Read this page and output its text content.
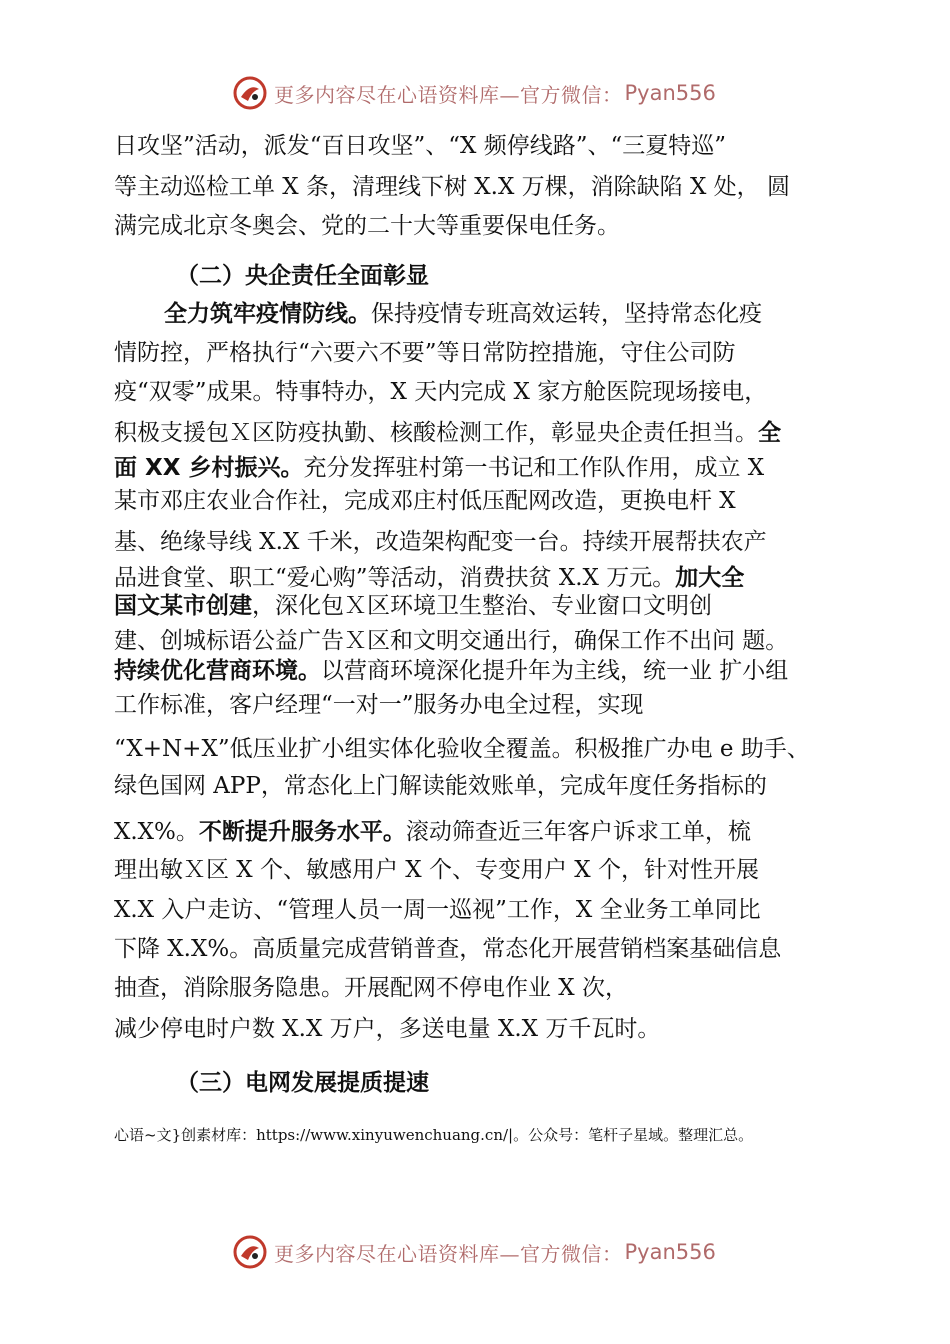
更多内容尽在心语资料库—官方微信： Pyan556
日攻坚”活动，派发“百日攻坚”、“X 频停线路”、“三夏特巡”
等主动巡检工单 X 条，清理线下树 X.X 万棵，消除缺陷 X 处， 圆
满完成北京冬奥会、党的二十大等重要保电任务。
（二）央企责任全面彰显
全力筑牢疫情防线。保持疫情专班高效运转，坚持常态化疫
情防控，严格执行“六要六不要”等日常防控措施，守住公司防
疫“双零”成果。特事特办，X 天内完成 X 家方舱医院现场接电，
积极支援包Ｘ区防疫执勤、核酸检测工作，彰显央企责任担当。全
面 XX 乡村振兴。充分发挥驻村第一书记和工作队作用，成立 X
某市邓庄农业合作社，完成邓庄村低压配网改造，更换电杆 X
基、绝缘导线 X.X 千米，改造架构配变一台。持续开展帮扶农产
品进食堂、职工“爱心购”等活动，消费扶贫 X.X 万元。加大全
国文某市创建，深化包Ｘ区环境卫生整治、专业窗口文明创
建、创城标语公益广告Ｘ区和文明交通出行，确保工作不出问 题。
持续优化营商环境。以营商环境深化提升年为主线，统一业 扩小组
工作标准，客户经理“一对一”服务办电全过程，实现
“X+N+X”低压业扩小组实体化验收全覆盖。积极推广办电 e 助手、
绿色国网 APP，常态化上门解读能效账单，完成年度任务指标的
X.X%。不断提升服务水平。滚动筛查近三年客户诉求工单，梳
理出敏Ｘ区 X 个、敏感用户 X 个、专变用户 X 个，针对性开展
X.X 入户走访、“管理人员一周一巡视”工作，X 全业务工单同比
下降 X.X%。高质量完成营销普查，常态化开展营销档案基础信息
抽查，消除服务隐患。开展配网不停电作业 X 次，
减少停电时户数 X.X 万户，多送电量 X.X 万千瓦时。
（三）电网发展提质提速
心语~文}创素材库：https://www.xinyuwenchuang.cn/|。公众号：笔杆子星域。整理汇总。
更多内容尽在心语资料库—官方微信： Pyan556
